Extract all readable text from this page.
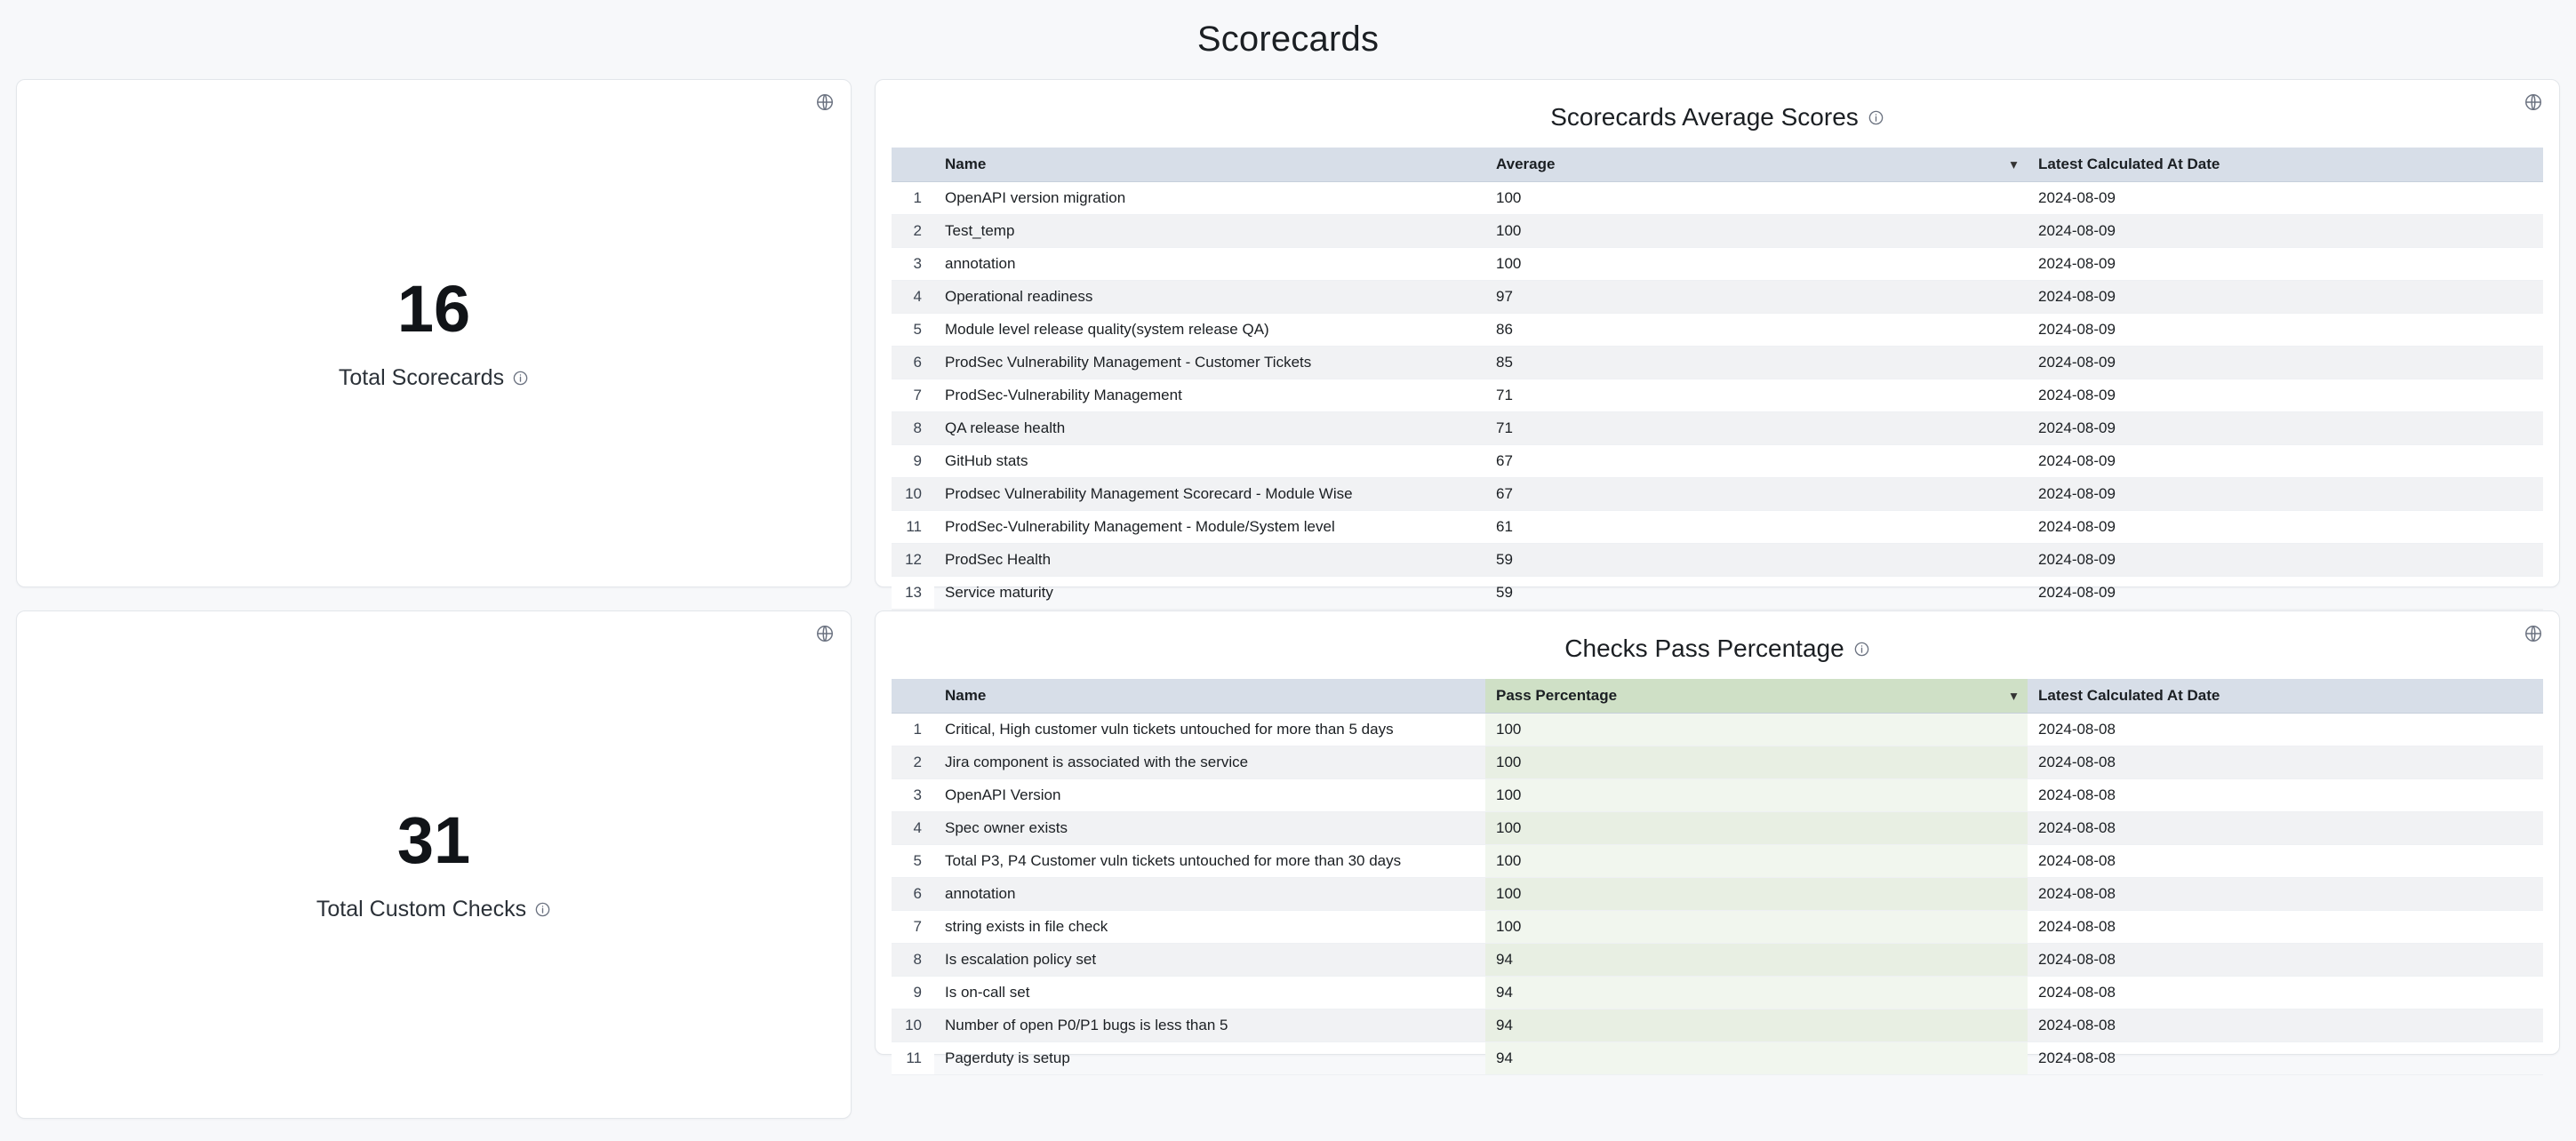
Scorecards
16
Total Scorecards
31
Total Custom Checks
Scorecards Average Scores
	Name	Average ▾	Latest Calculated At Date
1	OpenAPI version migration	100	2024-08-09
2	Test_temp	100	2024-08-09
3	annotation	100	2024-08-09
4	Operational readiness	97	2024-08-09
5	Module level release quality(system release QA)	86	2024-08-09
6	ProdSec Vulnerability Management - Customer Tickets	85	2024-08-09
7	ProdSec-Vulnerability Management	71	2024-08-09
8	QA release health	71	2024-08-09
9	GitHub stats	67	2024-08-09
10	Prodsec Vulnerability Management Scorecard - Module Wise	67	2024-08-09
11	ProdSec-Vulnerability Management - Module/System level	61	2024-08-09
12	ProdSec Health	59	2024-08-09
13	Service maturity	59	2024-08-09

Checks Pass Percentage
	Name	Pass Percentage ▾	Latest Calculated At Date
1	Critical, High customer vuln tickets untouched for more than 5 days	100	2024-08-08
2	Jira component is associated with the service	100	2024-08-08
3	OpenAPI Version	100	2024-08-08
4	Spec owner exists	100	2024-08-08
5	Total P3, P4 Customer vuln tickets untouched for more than 30 days	100	2024-08-08
6	annotation	100	2024-08-08
7	string exists in file check	100	2024-08-08
8	Is escalation policy set	94	2024-08-08
9	Is on-call set	94	2024-08-08
10	Number of open P0/P1 bugs is less than 5	94	2024-08-08
11	Pagerduty is setup	94	2024-08-08
